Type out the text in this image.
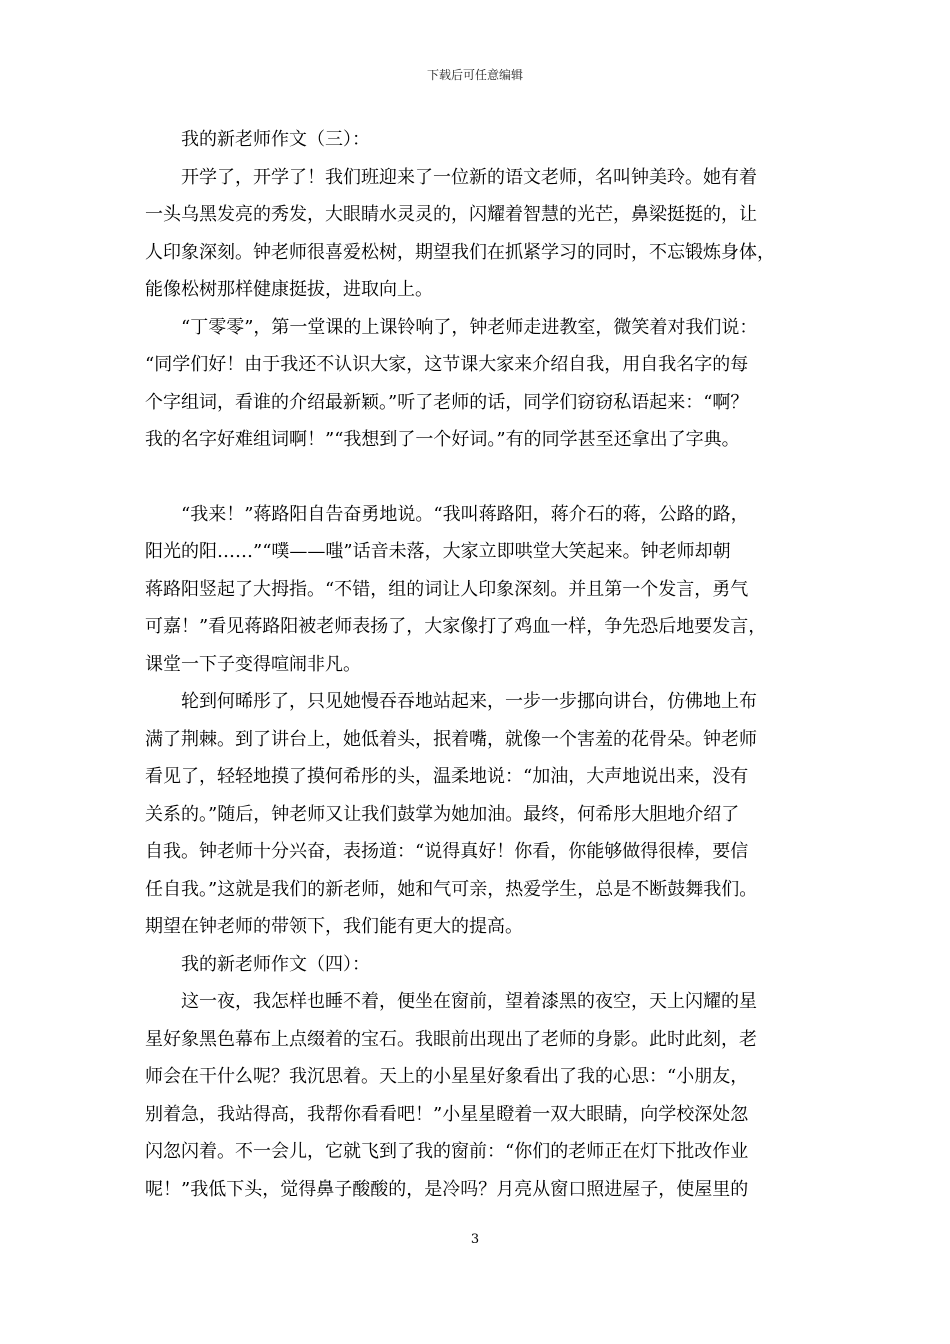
下载后可任意编辑
我的新老师作文（三）：
开学了，开学了！我们班迎来了一位新的语文老师，名叫钟美玲。她有着
一头乌黑发亮的秀发，大眼睛水灵灵的，闪耀着智慧的光芒，鼻梁挺挺的，让
人印象深刻。钟老师很喜爱松树，期望我们在抓紧学习的同时，不忘锻炼身体，
能像松树那样健康挺拔，进取向上。
“丁零零”，第一堂课的上课铃响了，钟老师走进教室，微笑着对我们说：
“同学们好！由于我还不认识大家，这节课大家来介绍自我，用自我名字的每
个字组词，看谁的介绍最新颖。”听了老师的话，同学们窃窃私语起来：“啊？
我的名字好难组词啊！”“我想到了一个好词。”有的同学甚至还拿出了字典。
“我来！”蒋路阳自告奋勇地说。“我叫蒋路阳，蒋介石的蒋，公路的路，
阳光的阳……”“噗——嗤”话音未落，大家立即哄堂大笑起来。钟老师却朝
蒋路阳竖起了大拇指。“不错，组的词让人印象深刻。并且第一个发言，勇气
可嘉！”看见蒋路阳被老师表扬了，大家像打了鸡血一样，争先恐后地要发言，
课堂一下子变得喧闹非凡。
轮到何晞彤了，只见她慢吞吞地站起来，一步一步挪向讲台，仿佛地上布
满了荆棘。到了讲台上，她低着头，抿着嘴，就像一个害羞的花骨朵。钟老师
看见了，轻轻地摸了摸何希彤的头，温柔地说：“加油，大声地说出来，没有
关系的。”随后，钟老师又让我们鼓掌为她加油。最终，何希彤大胆地介绍了
自我。钟老师十分兴奋，表扬道：“说得真好！你看，你能够做得很棒，要信
任自我。”这就是我们的新老师，她和气可亲，热爱学生，总是不断鼓舞我们。
期望在钟老师的带领下，我们能有更大的提高。
我的新老师作文（四）：
这一夜，我怎样也睡不着，便坐在窗前，望着漆黑的夜空，天上闪耀的星
星好象黑色幕布上点缀着的宝石。我眼前出现出了老师的身影。此时此刻，老
师会在干什么呢？我沉思着。天上的小星星好象看出了我的心思：“小朋友，
别着急，我站得高，我帮你看看吧！”小星星瞪着一双大眼睛，向学校深处忽
闪忽闪着。不一会儿，它就飞到了我的窗前：“你们的老师正在灯下批改作业
呢！”我低下头，觉得鼻子酸酸的，是冷吗？月亮从窗口照进屋子，使屋里的
3
